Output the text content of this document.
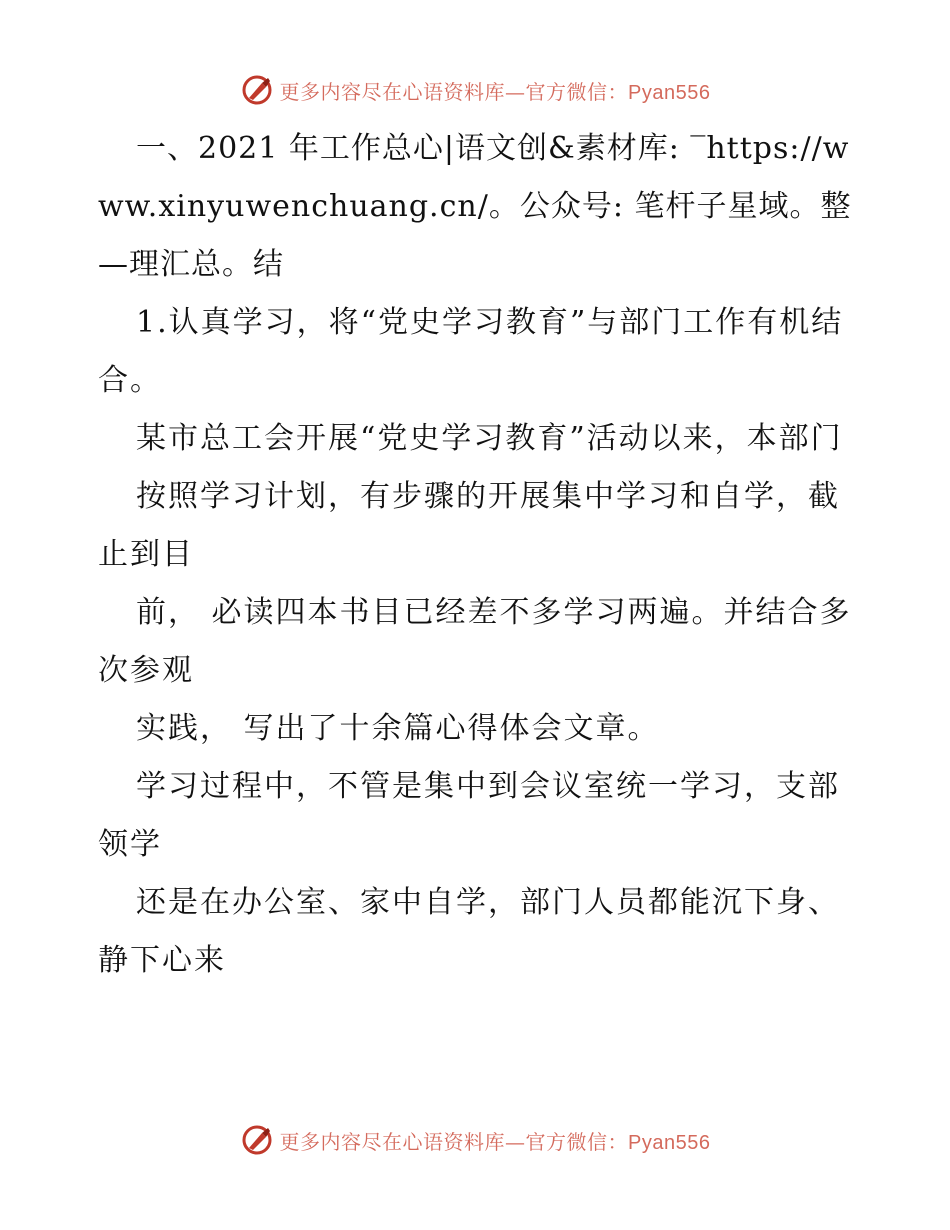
更多内容尽在心语资料库—官方微信：Pyan556

一、2021 年工作总心|语文创&素材库: ‾https://www.xinyuwenchuang.cn/。公众号: 笔杆子星域。整—理汇总。结

1.认真学习，将“党史学习教育”与部门工作有机结合。

某市总工会开展“党史学习教育”活动以来，本部门

按照学习计划，有步骤的开展集中学习和自学，截止到目

前， 必读四本书目已经差不多学习两遍。并结合多次参观

实践， 写出了十余篇心得体会文章。

学习过程中，不管是集中到会议室统一学习，支部领学

还是在办公室、家中自学，部门人员都能沉下身、静下心来

更多内容尽在心语资料库—官方微信：Pyan556
